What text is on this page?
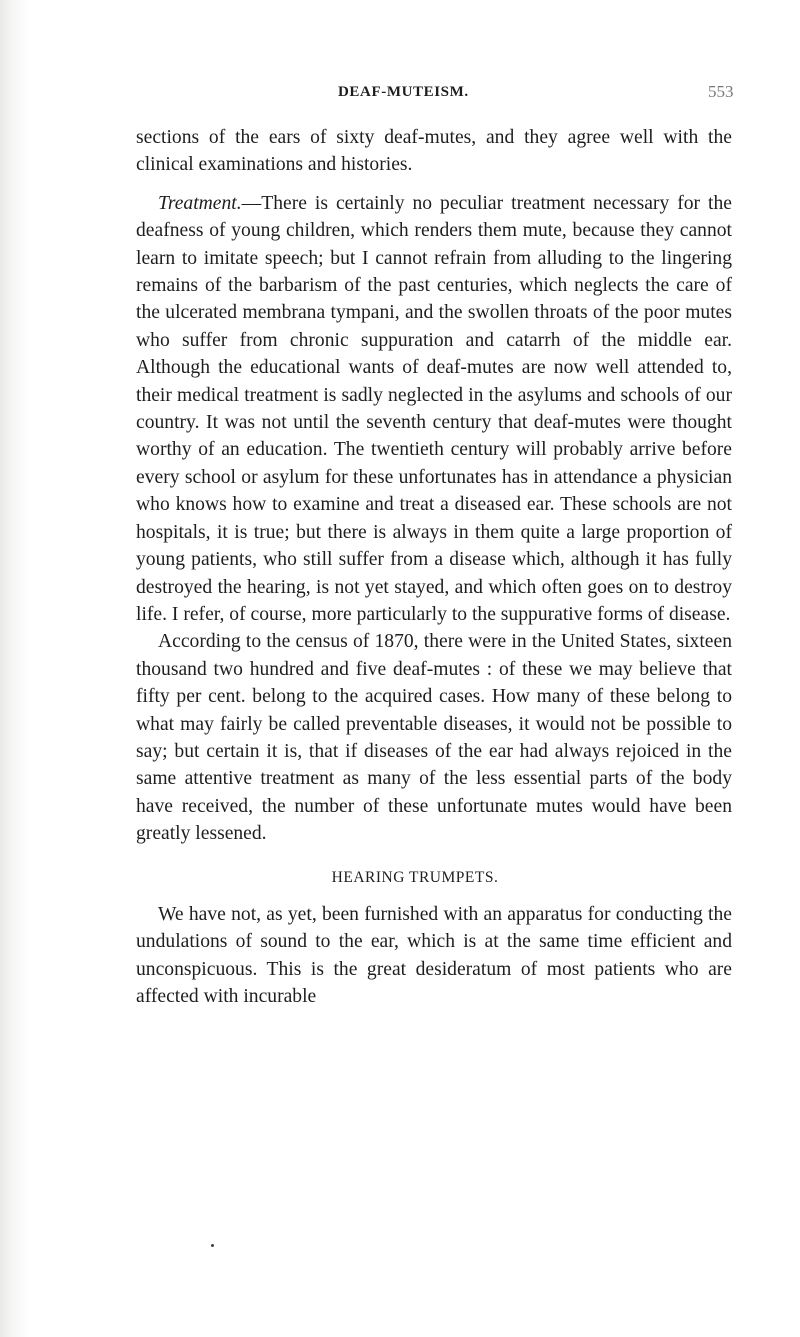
DEAF-MUTEISM.	553

sections of the ears of sixty deaf-mutes, and they agree well with the clinical examinations and histories.

Treatment.—There is certainly no peculiar treatment necessary for the deafness of young children, which renders them mute, because they cannot learn to imitate speech; but I cannot refrain from alluding to the lingering remains of the barbarism of the past centuries, which neglects the care of the ulcerated membrana tympani, and the swollen throats of the poor mutes who suffer from chronic suppuration and catarrh of the middle ear. Although the educational wants of deaf-mutes are now well attended to, their medical treatment is sadly neglected in the asylums and schools of our country. It was not until the seventh century that deaf-mutes were thought worthy of an education. The twentieth century will probably arrive before every school or asylum for these unfortunates has in attendance a physician who knows how to examine and treat a diseased ear. These schools are not hospitals, it is true; but there is always in them quite a large proportion of young patients, who still suffer from a disease which, although it has fully destroyed the hearing, is not yet stayed, and which often goes on to destroy life. I refer, of course, more particularly to the suppurative forms of disease.

According to the census of 1870, there were in the United States, sixteen thousand two hundred and five deaf-mutes : of these we may believe that fifty per cent. belong to the acquired cases. How many of these belong to what may fairly be called preventable diseases, it would not be possible to say; but certain it is, that if diseases of the ear had always rejoiced in the same attentive treatment as many of the less essential parts of the body have received, the number of these unfortunate mutes would have been greatly lessened.

HEARING TRUMPETS.

We have not, as yet, been furnished with an apparatus for conducting the undulations of sound to the ear, which is at the same time efficient and unconspicuous. This is the great desideratum of most patients who are affected with incurable
